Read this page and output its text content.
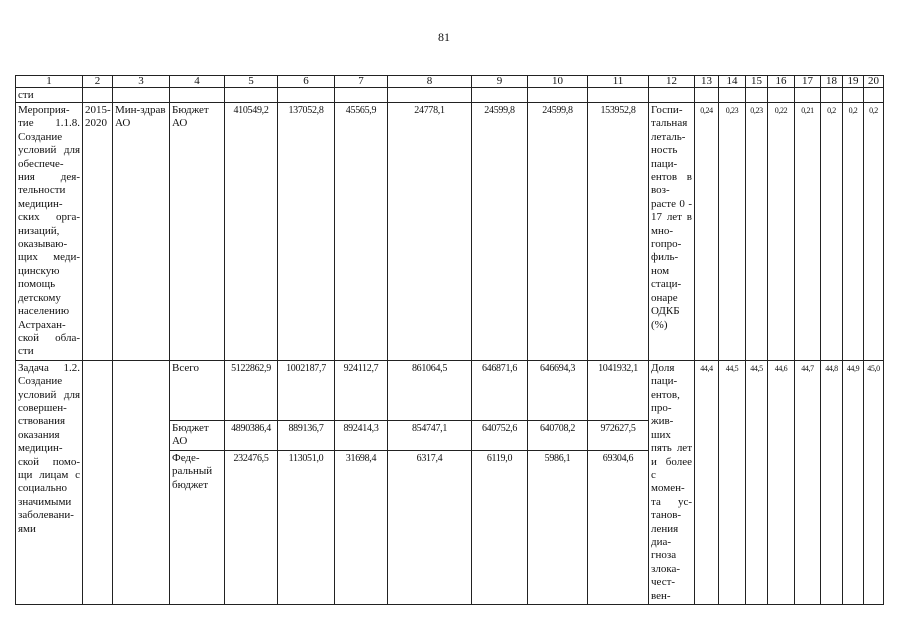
81
1	2	3	4	5	6	7	8	9	10	11	12	13	14	15	16	17	18	19	20
сти																			
Мероприя-тие 1.1.8. Создание условий для обеспече-ния дея-тельности медицин-ских орга-низаций, оказываю-щих меди-цинскую помощь детскому населению Астрахан-ской обла-сти	2015-2020	Мин-здрав АО	Бюджет АО	410549,2	137052,8	45565,9	24778,1	24599,8	24599,8	153952,8	Госпи-тальная леталь-ность паци-ентов в воз-расте 0 - 17 лет в мно-гопро-филь-ном стаци-онаре ОДКБ (%)	0,24	0,23	0,23	0,22	0,21	0,2	0,2	0,2
Задача 1.2. Создание условий для совершен-ствования оказания медицин-ской помо-щи лицам с социально значимыми заболевани-ями			Всего	5122862,9	1002187,7	924112,7	861064,5	646871,6	646694,3	1041932,1	Доля паци-ентов, про-жив-ших пять лет и более с момен-та ус-танов-ления диа-гноза злока-чест-вен-	44,4	44,5	44,5	44,6	44,7	44,8	44,9	45,0
			Бюджет АО	4890386,4	889136,7	892414,3	854747,1	640752,6	640708,2	972627,5									
			Феде-ральный бюджет	232476,5	113051,0	31698,4	6317,4	6119,0	5986,1	69304,6									
